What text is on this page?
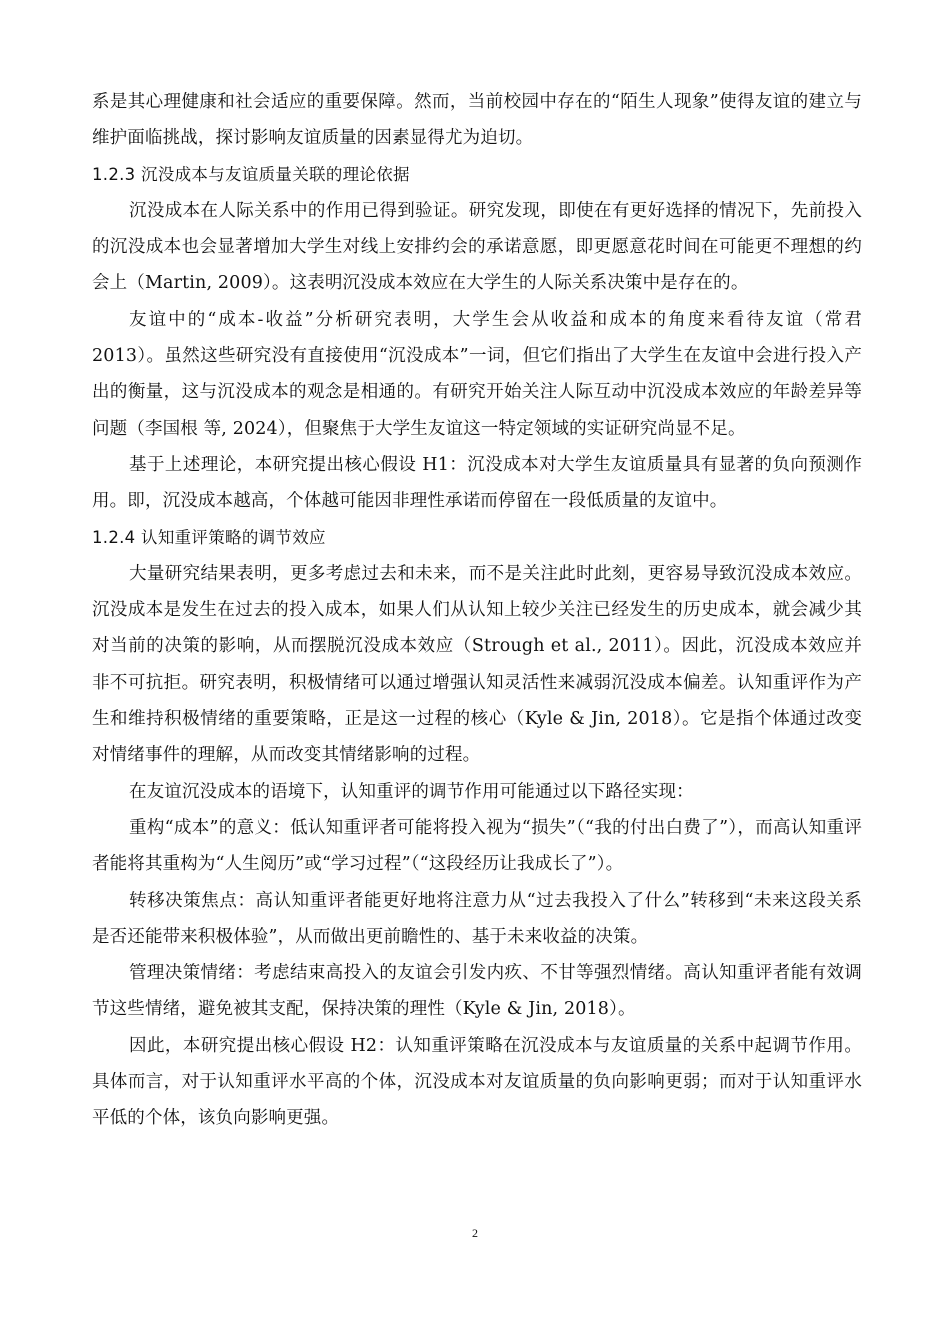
系是其心理健康和社会适应的重要保障。然而，当前校园中存在的“陌生人现象”使得友谊的建立与维护面临挑战，探讨影响友谊质量的因素显得尤为迫切。

1.2.3 沉没成本与友谊质量关联的理论依据

沉没成本在人际关系中的作用已得到验证。研究发现，即使在有更好选择的情况下，先前投入的沉没成本也会显著增加大学生对线上安排约会的承诺意愿，即更愿意花时间在可能更不理想的约会上（Martin, 2009）。这表明沉没成本效应在大学生的人际关系决策中是存在的。

友谊中的“成本-收益”分析研究表明，大学生会从收益和成本的角度来看待友谊（常君 2013）。虽然这些研究没有直接使用“沉没成本”一词，但它们指出了大学生在友谊中会进行投入产出的衡量，这与沉没成本的观念是相通的。有研究开始关注人际互动中沉没成本效应的年龄差异等问题（李国根 等, 2024），但聚焦于大学生友谊这一特定领域的实证研究尚显不足。

基于上述理论，本研究提出核心假设 H1：沉没成本对大学生友谊质量具有显著的负向预测作用。即，沉没成本越高，个体越可能因非理性承诺而停留在一段低质量的友谊中。

1.2.4 认知重评策略的调节效应

大量研究结果表明，更多考虑过去和未来，而不是关注此时此刻，更容易导致沉没成本效应。沉没成本是发生在过去的投入成本，如果人们从认知上较少关注已经发生的历史成本，就会减少其对当前的决策的影响，从而摆脱沉没成本效应（Strough et al., 2011）。因此，沉没成本效应并非不可抗拒。研究表明，积极情绪可以通过增强认知灵活性来减弱沉没成本偏差。认知重评作为产生和维持积极情绪的重要策略，正是这一过程的核心（Kyle & Jin, 2018）。它是指个体通过改变对情绪事件的理解，从而改变其情绪影响的过程。

在友谊沉没成本的语境下，认知重评的调节作用可能通过以下路径实现：

重构“成本”的意义：低认知重评者可能将投入视为“损失”（“我的付出白费了”），而高认知重评者能将其重构为“人生阅历”或“学习过程”（“这段经历让我成长了”）。

转移决策焦点：高认知重评者能更好地将注意力从“过去我投入了什么”转移到“未来这段关系是否还能带来积极体验”，从而做出更前瞻性的、基于未来收益的决策。

管理决策情绪：考虑结束高投入的友谊会引发内疚、不甘等强烈情绪。高认知重评者能有效调节这些情绪，避免被其支配，保持决策的理性（Kyle & Jin, 2018）。

因此，本研究提出核心假设 H2：认知重评策略在沉没成本与友谊质量的关系中起调节作用。具体而言，对于认知重评水平高的个体，沉没成本对友谊质量的负向影响更弱；而对于认知重评水平低的个体，该负向影响更强。

2
